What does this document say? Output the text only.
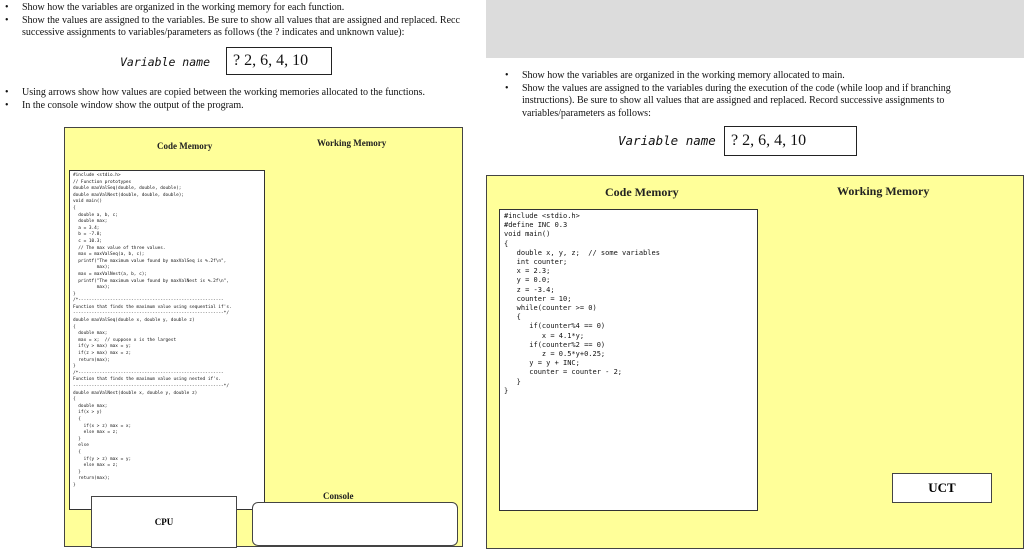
• Show how the variables are organized in the working memory for each function.
• Show the values are assigned to the variables. Be sure to show all values that are assigned and replaced. Recc
successive assignments to variables/parameters as follows (the ? indicates and unknown value):
Variable name ? 2, 6, 4, 10
• Using arrows show how values are copied between the working memories allocated to the functions.
• In the console window show the output of the program.
Code Memory	Working Memory
#include <stdio.h>
// Function prototypes
double maxValSeq(double, double, double);
double maxValNest(double, double, double);
void main()
{
double a, b, c;
double max;
a = 3.4;
b = -7.8;
c = 10.3;
// The max value of three values.
max = maxValSeq(a, b, c);
printf("The maximum value found by maxValSeq is %.2f\n",
max);
max = maxValNest(a, b, c);
printf("The maximum value found by maxValNest is %.2f\n",
max);
}
/*-------------------------------------------------------
Function that finds the maximum value using sequential if's.
---------------------------------------------------------*/
double maxValSeq(double x, double y, double z)
{
double max;
max = x;  // suppose x is the largest
if(y > max) max = y;
if(z > max) max = z;
return(max);
}
/*-------------------------------------------------------
Function that finds the maximum value using nested if's.
---------------------------------------------------------*/
double maxValNest(double x, double y, double z)
{
double max;
if(x > y)
{
if(x > z) max = x;
else max = z;
}
else
{
if(y > z) max = y;
else max = z;
}
return(max);
}
Console
CPU
• Show how the variables are organized in the working memory allocated to main.
• Show the values are assigned to the variables during the execution of the code (while loop and if branching
instructions). Be sure to show all values that are assigned and replaced. Record successive assignments to
variables/parameters as follows:
Variable name ? 2, 6, 4, 10
Code Memory	Working Memory
#include <stdio.h>
#define INC 0.3
void main()
{
double x, y, z;  // some variables
int counter;
x = 2.3;
y = 0.0;
z = -3.4;
counter = 10;
while(counter >= 0)
{
if(counter%4 == 0)
x = 4.1*y;
if(counter%2 == 0)
z = 0.5*y+0.25;
y = y + INC;
counter = counter - 2;
}
}
UCT
